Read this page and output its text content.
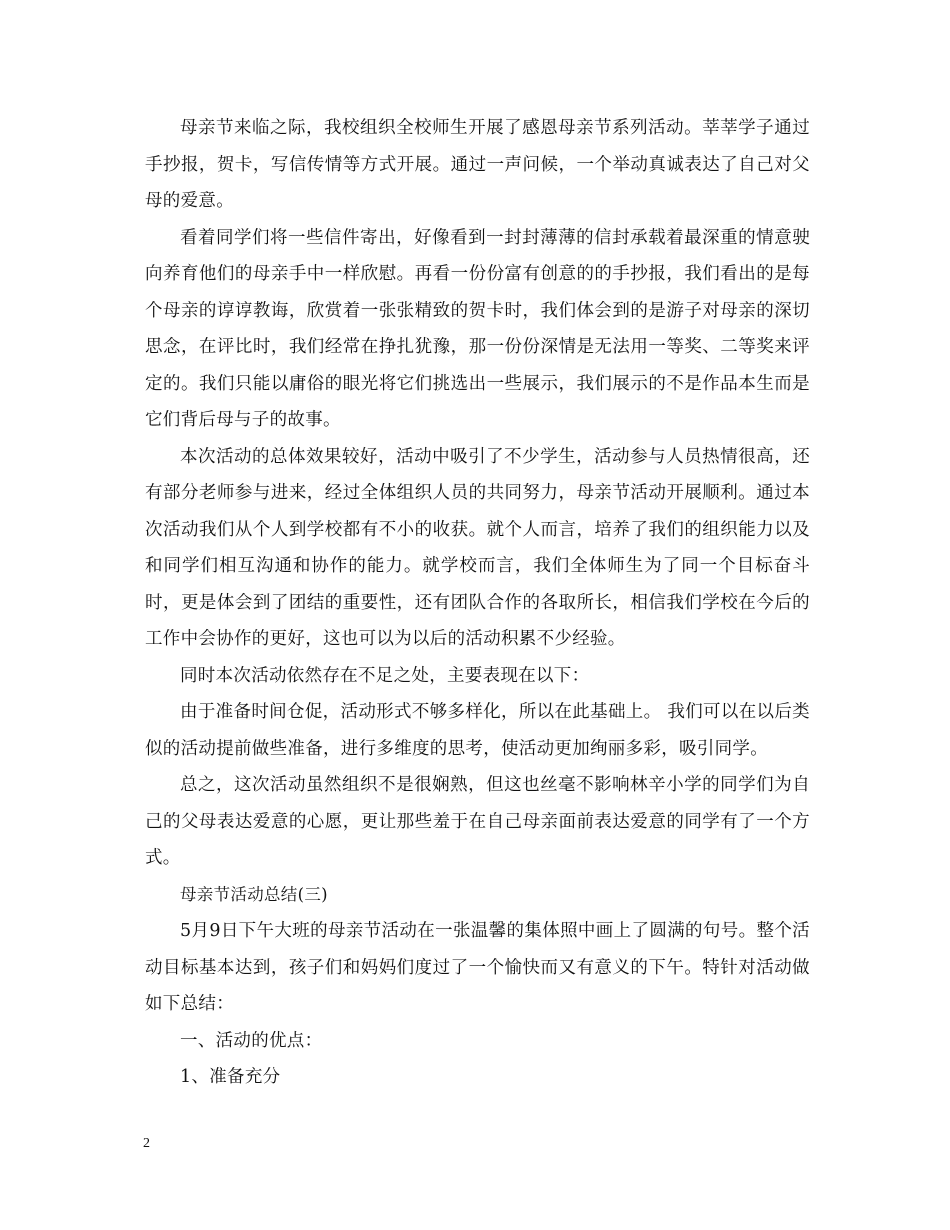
母亲节来临之际，我校组织全校师生开展了感恩母亲节系列活动。莘莘学子通过手抄报，贺卡，写信传情等方式开展。通过一声问候，一个举动真诚表达了自己对父母的爱意。

看着同学们将一些信件寄出，好像看到一封封薄薄的信封承载着最深重的情意驶向养育他们的母亲手中一样欣慰。再看一份份富有创意的的手抄报，我们看出的是每个母亲的谆谆教诲，欣赏着一张张精致的贺卡时，我们体会到的是游子对母亲的深切思念，在评比时，我们经常在挣扎犹豫，那一份份深情是无法用一等奖、二等奖来评定的。我们只能以庸俗的眼光将它们挑选出一些展示，我们展示的不是作品本生而是它们背后母与子的故事。

本次活动的总体效果较好，活动中吸引了不少学生，活动参与人员热情很高，还有部分老师参与进来，经过全体组织人员的共同努力，母亲节活动开展顺利。通过本次活动我们从个人到学校都有不小的收获。就个人而言，培养了我们的组织能力以及和同学们相互沟通和协作的能力。就学校而言，我们全体师生为了同一个目标奋斗时，更是体会到了团结的重要性，还有团队合作的各取所长，相信我们学校在今后的工作中会协作的更好，这也可以为以后的活动积累不少经验。

同时本次活动依然存在不足之处，主要表现在以下：

由于准备时间仓促，活动形式不够多样化，所以在此基础上。 我们可以在以后类似的活动提前做些准备，进行多维度的思考，使活动更加绚丽多彩，吸引同学。

总之，这次活动虽然组织不是很娴熟，但这也丝毫不影响林辛小学的同学们为自己的父母表达爱意的心愿，更让那些羞于在自己母亲面前表达爱意的同学有了一个方式。

母亲节活动总结(三)

5月9日下午大班的母亲节活动在一张温馨的集体照中画上了圆满的句号。整个活动目标基本达到，孩子们和妈妈们度过了一个愉快而又有意义的下午。特针对活动做如下总结：

一、活动的优点：

1、准备充分

2
